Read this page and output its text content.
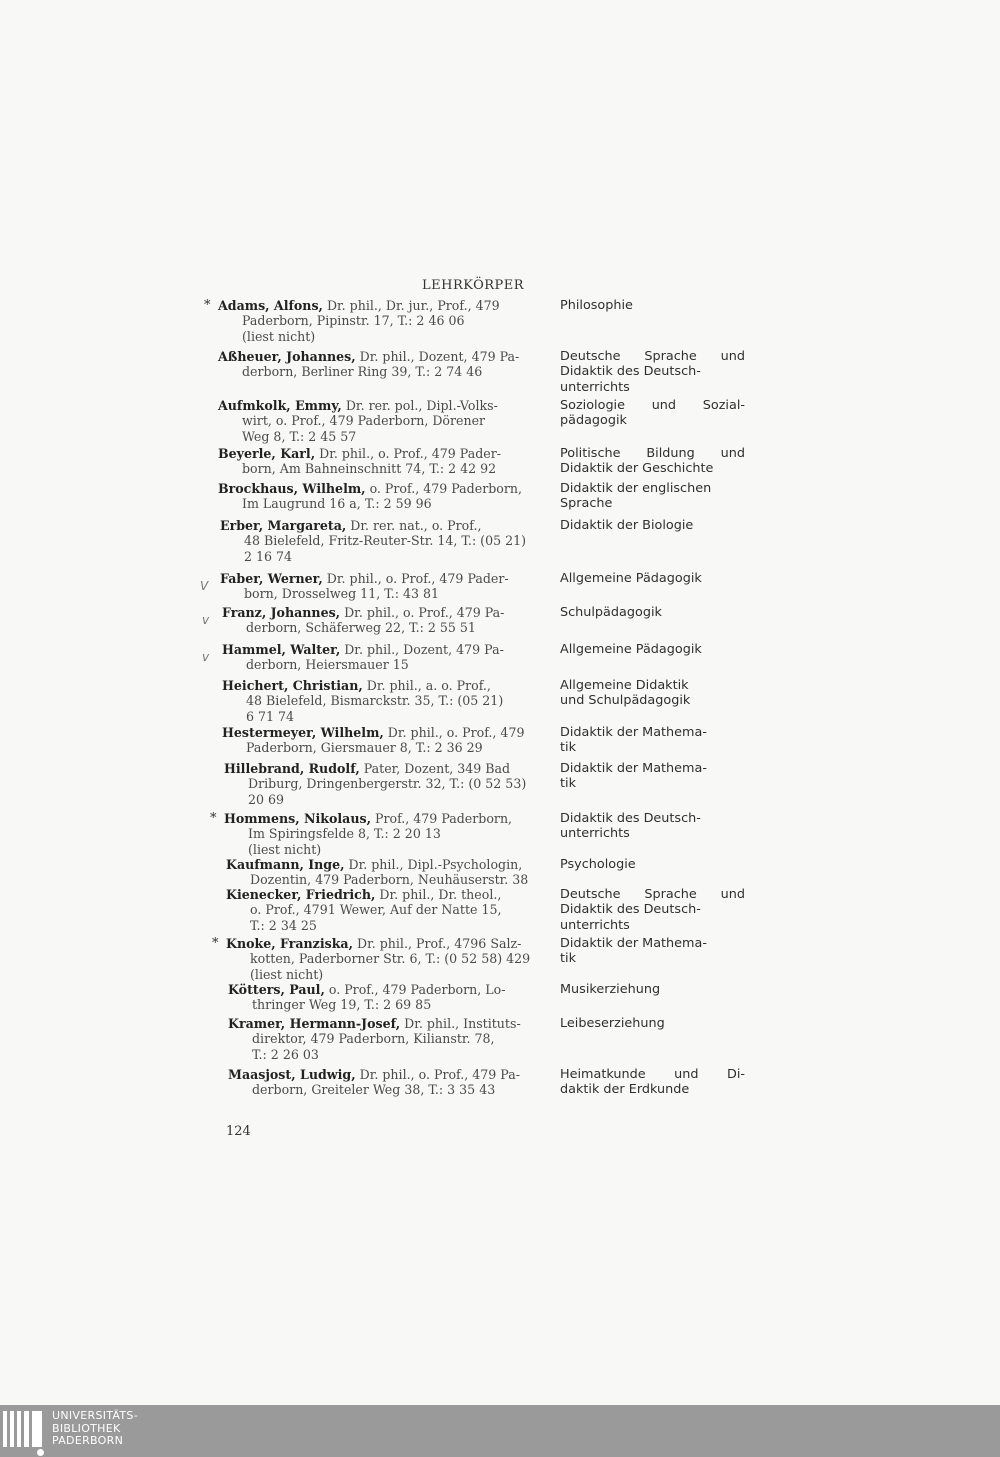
LEHRKÖRPER
* Adams, Alfons, Dr. phil., Dr. jur., Prof., 479
Paderborn, Pipinstr. 17, T.: 2 46 06
(liest nicht)
Philosophie
Aßheuer, Johannes, Dr. phil., Dozent, 479 Pa-
derborn, Berliner Ring 39, T.: 2 74 46
Deutsche Sprache und
Didaktik des Deutsch-
unterrichts
Aufmkolk, Emmy, Dr. rer. pol., Dipl.-Volks-
wirt, o. Prof., 479 Paderborn, Dörener
Weg 8, T.: 2 45 57
Soziologie und Sozial-
pädagogik
Beyerle, Karl, Dr. phil., o. Prof., 479 Pader-
born, Am Bahneinschnitt 74, T.: 2 42 92
Politische Bildung und
Didaktik der Geschichte
Brockhaus, Wilhelm, o. Prof., 479 Paderborn,
Im Laugrund 16 a, T.: 2 59 96
Didaktik der englischen
Sprache
Erber, Margareta, Dr. rer. nat., o. Prof.,
48 Bielefeld, Fritz-Reuter-Str. 14, T.: (05 21)
2 16 74
Didaktik der Biologie
V Faber, Werner, Dr. phil., o. Prof., 479 Pader-
born, Drosselweg 11, T.: 43 81
Allgemeine Pädagogik
v Franz, Johannes, Dr. phil., o. Prof., 479 Pa-
derborn, Schäferweg 22, T.: 2 55 51
Schulpädagogik
v Hammel, Walter, Dr. phil., Dozent, 479 Pa-
derborn, Heiersmauer 15
Allgemeine Pädagogik
Heichert, Christian, Dr. phil., a. o. Prof.,
48 Bielefeld, Bismarckstr. 35, T.: (05 21)
6 71 74
Allgemeine Didaktik
und Schulpädagogik
Hestermeyer, Wilhelm, Dr. phil., o. Prof., 479
Paderborn, Giersmauer 8, T.: 2 36 29
Didaktik der Mathema-
tik
Hillebrand, Rudolf, Pater, Dozent, 349 Bad
Driburg, Dringenbergerstr. 32, T.: (0 52 53)
20 69
Didaktik der Mathema-
tik
* Hommens, Nikolaus, Prof., 479 Paderborn,
Im Spiringsfelde 8, T.: 2 20 13
(liest nicht)
Didaktik des Deutsch-
unterrichts
Kaufmann, Inge, Dr. phil., Dipl.-Psychologin,
Dozentin, 479 Paderborn, Neuhäuserstr. 38
Psychologie
Kienecker, Friedrich, Dr. phil., Dr. theol.,
o. Prof., 4791 Wewer, Auf der Natte 15,
T.: 2 34 25
Deutsche Sprache und
Didaktik des Deutsch-
unterrichts
* Knoke, Franziska, Dr. phil., Prof., 4796 Salz-
kotten, Paderborner Str. 6, T.: (0 52 58) 429
(liest nicht)
Didaktik der Mathema-
tik
Kötters, Paul, o. Prof., 479 Paderborn, Lo-
thringer Weg 19, T.: 2 69 85
Musikerziehung
Kramer, Hermann-Josef, Dr. phil., Instituts-
direktor, 479 Paderborn, Kilianstr. 78,
T.: 2 26 03
Leibeserziehung
Maasjost, Ludwig, Dr. phil., o. Prof., 479 Pa-
derborn, Greiteler Weg 38, T.: 3 35 43
Heimatkunde und Di-
daktik der Erdkunde
124
UNIVERSITÄTS-
BIBLIOTHEK
PADERBORN
